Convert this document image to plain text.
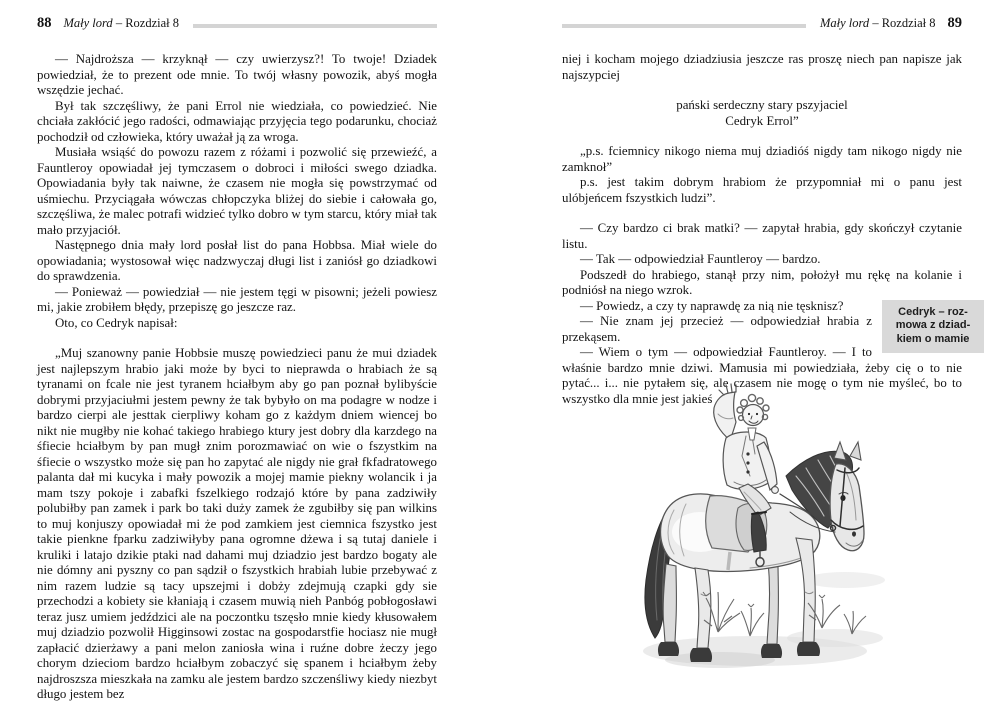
88 Mały lord – Rozdział 8

— Najdroższa — krzyknął — czy uwierzysz?! To twoje! Dziadek powiedział, że to prezent ode mnie. To twój własny powozik, abyś mogła wszędzie jechać.

Był tak szczęśliwy, że pani Errol nie wiedziała, co powiedzieć. Nie chciała zakłócić jego radości, odmawiając przyjęcia tego podarunku, chociaż pochodził od człowieka, który uważał ją za wroga.

Musiała wsiąść do powozu razem z różami i pozwolić się przewieźć, a Fauntleroy opowiadał jej tymczasem o dobroci i miłości swego dziadka. Opowiadania były tak naiwne, że czasem nie mogła się powstrzymać od uśmiechu. Przyciągała wówczas chłopczyka bliżej do siebie i całowała go, szczęśliwa, że malec potrafi widzieć tylko dobro w tym starcu, który miał tak mało przyjaciół.

Następnego dnia mały lord posłał list do pana Hobbsa. Miał wiele do opowiadania; wystosował więc nadzwyczaj długi list i zaniósł go dziadkowi do sprawdzenia.

— Ponieważ — powiedział — nie jestem tęgi w pisowni; jeżeli powiesz mi, jakie zrobiłem błędy, przepiszę go jeszcze raz.

Oto, co Cedryk napisał:

„Muj szanowny panie Hobbsie muszę powiedzieci panu że mui dziadek jest najlepszym hrabio jaki może by byci to nieprawda o hrabiach że są tyranami on fcale nie jest tyranem hciałbym aby go pan poznał bylibyście dobrymi przyjaciułmi jestem pewny że tak bybyło on ma podagre w nodze i bardzo cierpi ale jesttak cierpliwy koham go z każdym dniem wiencej bo nikt nie mugłby nie kohać takiego hrabiego ktury jest dobry dla karzdego na śfiecie hciałbym by pan mugł znim porozmawiać on wie o fszystkim na śfiecie o wszystko może się pan ho zapytać ale nigdy nie grał fkfadratowego palanta dał mi kucyka i mały powozik a mojej mamie piekny wolancik i ja mam tszy pokoje i zabafki fszelkiego rodzajó które by pana zadziwiły polubiłby pan zamek i park bo taki duży zamek że zgubiłby się pan wilkins to muj konjuszy opowiadał mi że pod zamkiem jest ciemnica fszystko jest takie pienkne fparku zadziwiłyby pana ogromne dżewa i są tutaj daniele i kruliki i latajo dzikie ptaki nad dahami muj dziadzio jest bardzo bogaty ale nie dómny ani pyszny co pan sądził o fszystkich hrabiah lubie przebywać z nim razem ludzie są tacy upszejmi i dobży zdejmują czapki gdy sie przechodzi a kobiety sie kłaniają i czasem muwią nieh Panbóg pobłogosławi teraz jusz umiem jedździci ale na poczontku tszęsło mnie kiedy kłusowałem muj dziadzio pozwolił Higginsowi zostac na gospodarstfie hociasz nie mugł zapłacić dzierżawy a pani melon zaniosła wina i ruźne dobre żeczy jego chorym dzieciom bardzo hciałbym zobaczyć się spanem i hciałbym żeby najdroszsza mieszkała na zamku ale jestem bardzo szczenśliwy kiedy niezbyt długo jestem bez

Mały lord – Rozdział 8 89

niej i kocham mojego dziadziusia jeszcze ras proszę niech pan napisze jak najszypciej

pański serdeczny stary pszyjaciel

Cedryk Errol”

„p.s. fciemnicy nikogo niema muj dziadióś nigdy tam nikogo nigdy nie zamknoł”

p.s. jest takim dobrym hrabiom że przypomniał mi o panu jest ulóbjeńcem fszystkich ludzi”.

— Czy bardzo ci brak matki? — zapytał hrabia, gdy skończył czytanie listu.

— Tak — odpowiedział Fauntleroy — bardzo.

Podszedł do hrabiego, stanął przy nim, położył mu rękę na kolanie i podniósł na niego wzrok.

Cedryk – roz-
mowa z dziad-
kiem o mamie

— Powiedz, a czy ty naprawdę za nią nie tęsknisz?

— Nie znam jej przecież — odpowiedział hrabia z przekąsem.

— Wiem o tym — odpowiedział Fauntleroy. — I to właśnie bardzo mnie dziwi. Mamusia mi powiedziała, żeby cię o to nie pytać... i... nie pytałem się, ale czasem nie mogę o tym nie myśleć, bo to wszystko dla mnie jest jakieś
